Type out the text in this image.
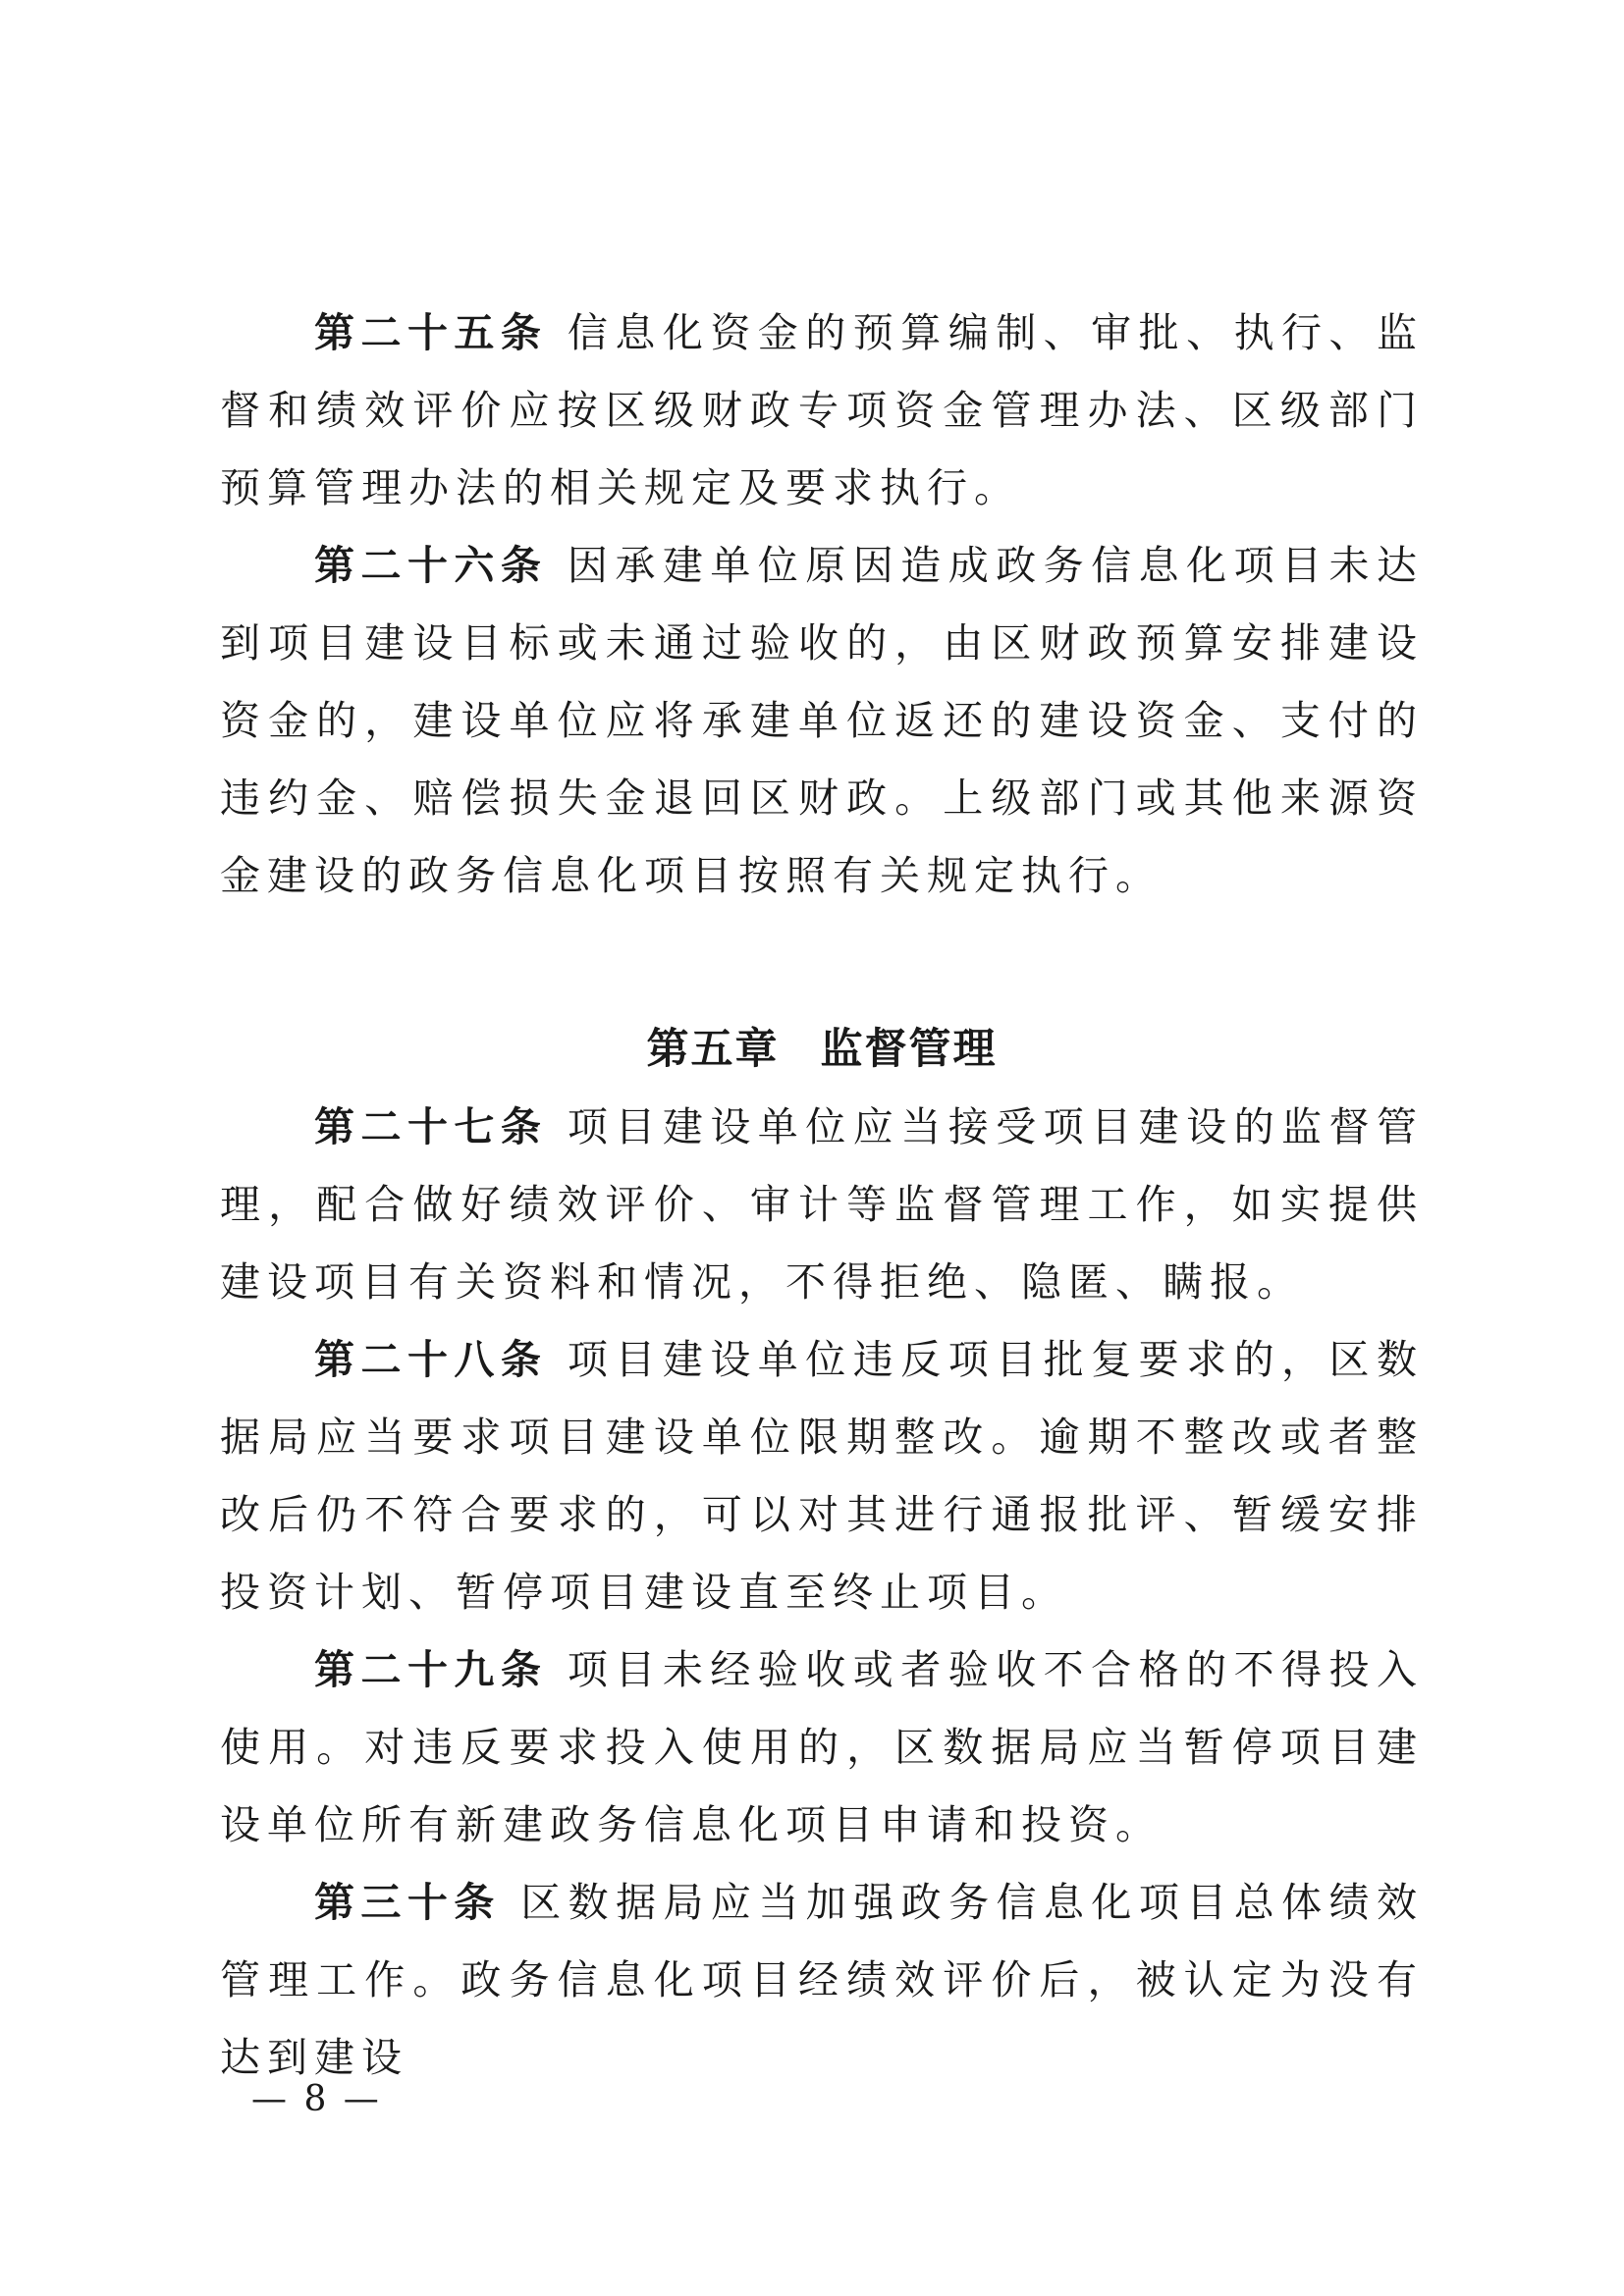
第二十五条 信息化资金的预算编制、审批、执行、监督和绩效评价应按区级财政专项资金管理办法、区级部门预算管理办法的相关规定及要求执行。

第二十六条 因承建单位原因造成政务信息化项目未达到项目建设目标或未通过验收的，由区财政预算安排建设资金的，建设单位应将承建单位返还的建设资金、支付的违约金、赔偿损失金退回区财政。上级部门或其他来源资金建设的政务信息化项目按照有关规定执行。

第五章 监督管理

第二十七条 项目建设单位应当接受项目建设的监督管理，配合做好绩效评价、审计等监督管理工作，如实提供建设项目有关资料和情况，不得拒绝、隐匿、瞒报。

第二十八条 项目建设单位违反项目批复要求的，区数据局应当要求项目建设单位限期整改。逾期不整改或者整改后仍不符合要求的，可以对其进行通报批评、暂缓安排投资计划、暂停项目建设直至终止项目。

第二十九条 项目未经验收或者验收不合格的不得投入使用。对违反要求投入使用的，区数据局应当暂停项目建设单位所有新建政务信息化项目申请和投资。

第三十条 区数据局应当加强政务信息化项目总体绩效管理工作。政务信息化项目经绩效评价后，被认定为没有达到建设

— 8 —
